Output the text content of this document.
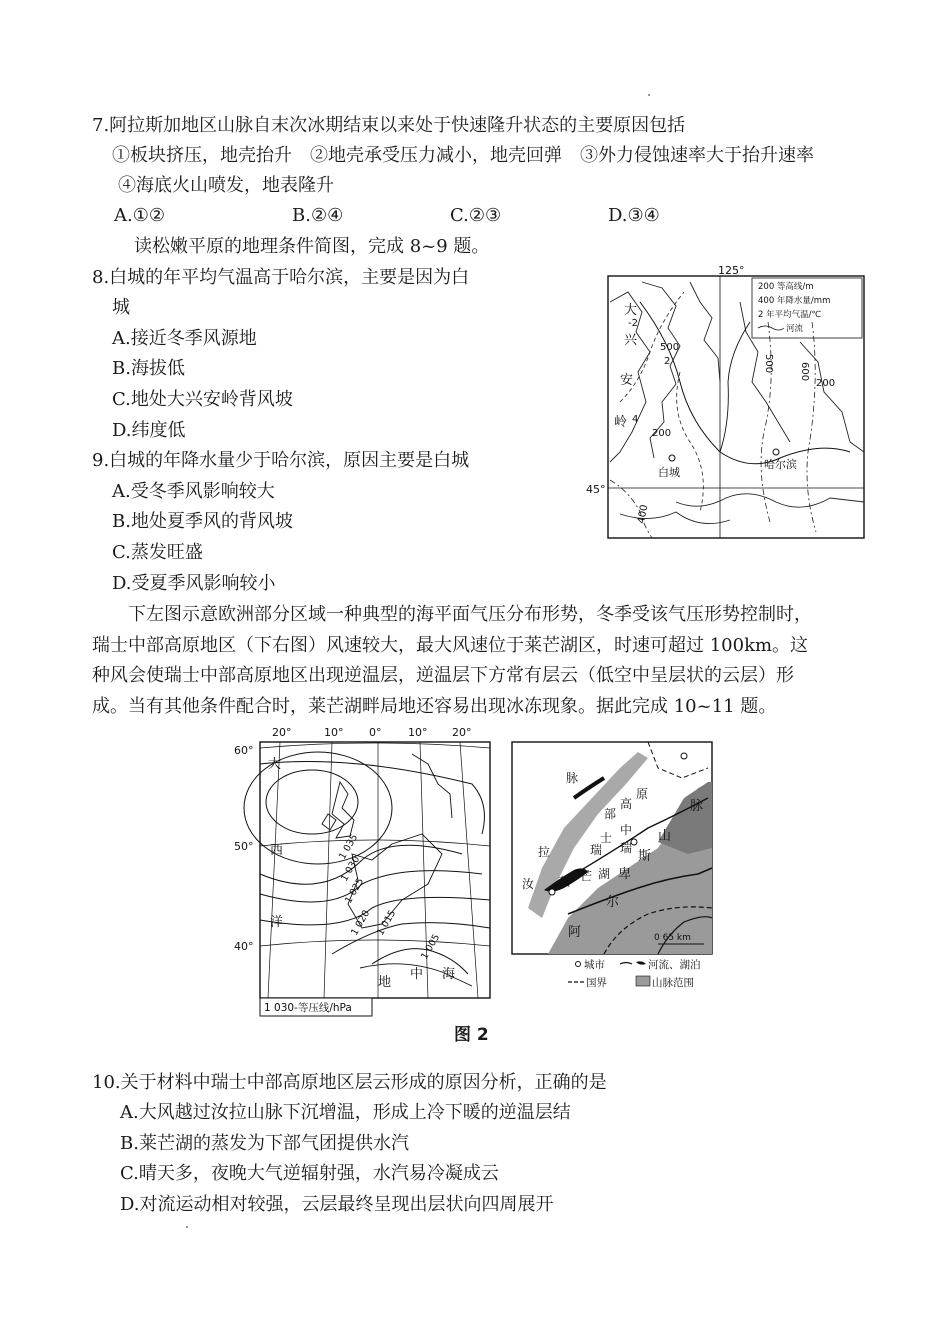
7.阿拉斯加地区山脉自末次冰期结束以来处于快速隆升状态的主要原因包括
①板块挤压，地壳抬升　②地壳承受压力减小，地壳回弹　③外力侵蚀速率大于抬升速率
④海底火山喷发，地表隆升
A.①②	B.②④	C.②③	D.③④
读松嫩平原的地理条件简图，完成 8~9 题。
8.白城的年平均气温高于哈尔滨，主要是因为白
城
A.接近冬季风源地
B.海拔低
C.地处大兴安岭背风坡
D.纬度低
9.白城的年降水量少于哈尔滨，原因主要是白城
A.受冬季风影响较大
B.地处夏季风的背风坡
C.蒸发旺盛
D.受夏季风影响较小
125°
45°
200 等高线/m
400 年降水量/mm
2 年平均气温/℃
河流
大
兴
安
岭
-2
500
2
200
4
600
500
200
400
白城
哈尔滨
　　下左图示意欧洲部分区域一种典型的海平面气压分布形势，冬季受该气压形势控制时，
瑞士中部高原地区（下右图）风速较大，最大风速位于莱芒湖区，时速可超过 100km。这
种风会使瑞士中部高原地区出现逆温层，逆温层下方常有层云（低空中呈层状的云层）形
成。当有其他条件配合时，莱芒湖畔局地还容易出现冰冻现象。据此完成 10~11 题。
20°	10° 0° 10° 20°
60°
50°
40°
大
西
洋
地
中 海
1 035
1 030
1 025
1 020 1 015
1 005
1 030-等压线/hPa
脉
高
原
部
中
瑞
士	山
脉
拉	瑞	斯
汝 莱 芒 湖 卑
尔
阿	0 65 km
城市	河流、湖泊
国界	山脉范围
图 2
10.关于材料中瑞士中部高原地区层云形成的原因分析，正确的是
A.大风越过汝拉山脉下沉增温，形成上冷下暖的逆温层结
B.莱芒湖的蒸发为下部气团提供水汽
C.晴天多，夜晚大气逆辐射强，水汽易冷凝成云
D.对流运动相对较强，云层最终呈现出层状向四周展开
